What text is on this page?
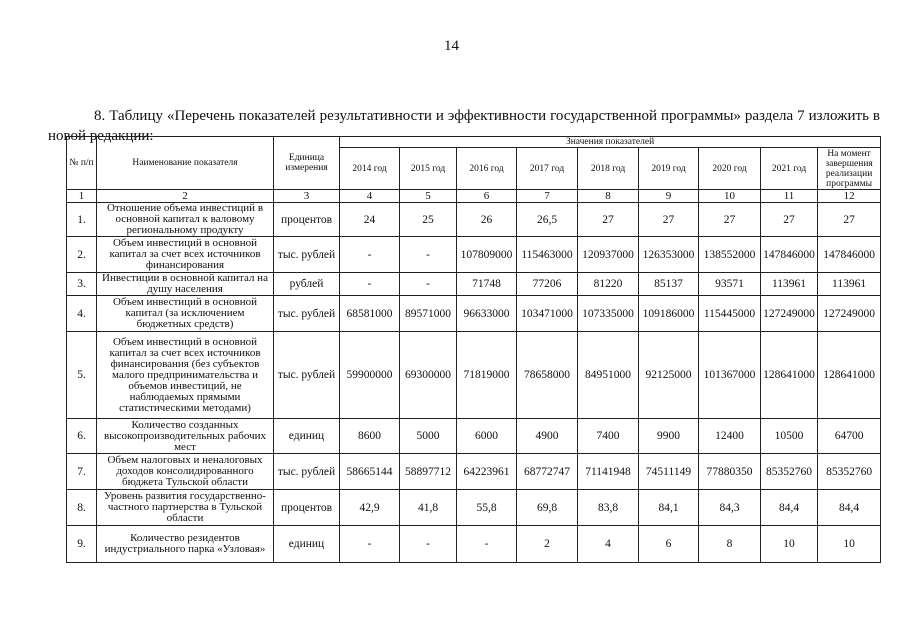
14

8. Таблицу «Перечень показателей результативности и эффективности государственной программы» раздела 7 изложить в новой редакции:

№ п/п	Наименование показателя	Единица измерения	Значения показателей								
			2014 год	2015 год	2016 год	2017 год	2018 год	2019 год	2020 год	2021 год	На момент завершения реализации программы
1	2	3	4	5	6	7	8	9	10	11	12
1.	Отношение объема инвестиций в основной капитал к валовому региональному продукту	процентов	24	25	26	26,5	27	27	27	27	27
2.	Объем инвестиций в основной капитал за счет всех источников финансирования	тыс. рублей	-	-	107809000	115463000	120937000	126353000	138552000	147846000	147846000
3.	Инвестиции в основной капитал на душу населения	рублей	-	-	71748	77206	81220	85137	93571	113961	113961
4.	Объем инвестиций в основной капитал (за исключением бюджетных средств)	тыс. рублей	68581000	89571000	96633000	103471000	107335000	109186000	115445000	127249000	127249000
5.	Объем инвестиций в основной капитал за счет всех источников финансирования (без субъектов малого предпринимательства и объемов инвестиций, не наблюдаемых прямыми статистическими методами)	тыс. рублей	59900000	69300000	71819000	78658000	84951000	92125000	101367000	128641000	128641000
6.	Количество созданных высокопроизводительных рабочих мест	единиц	8600	5000	6000	4900	7400	9900	12400	10500	64700
7.	Объем налоговых и неналоговых доходов консолидированного бюджета Тульской области	тыс. рублей	58665144	58897712	64223961	68772747	71141948	74511149	77880350	85352760	85352760
8.	Уровень развития государственно-частного партнерства в Тульской области	процентов	42,9	41,8	55,8	69,8	83,8	84,1	84,3	84,4	84,4
9.	Количество резидентов индустриального парка «Узловая»	единиц	-	-	-	2	4	6	8	10	10
